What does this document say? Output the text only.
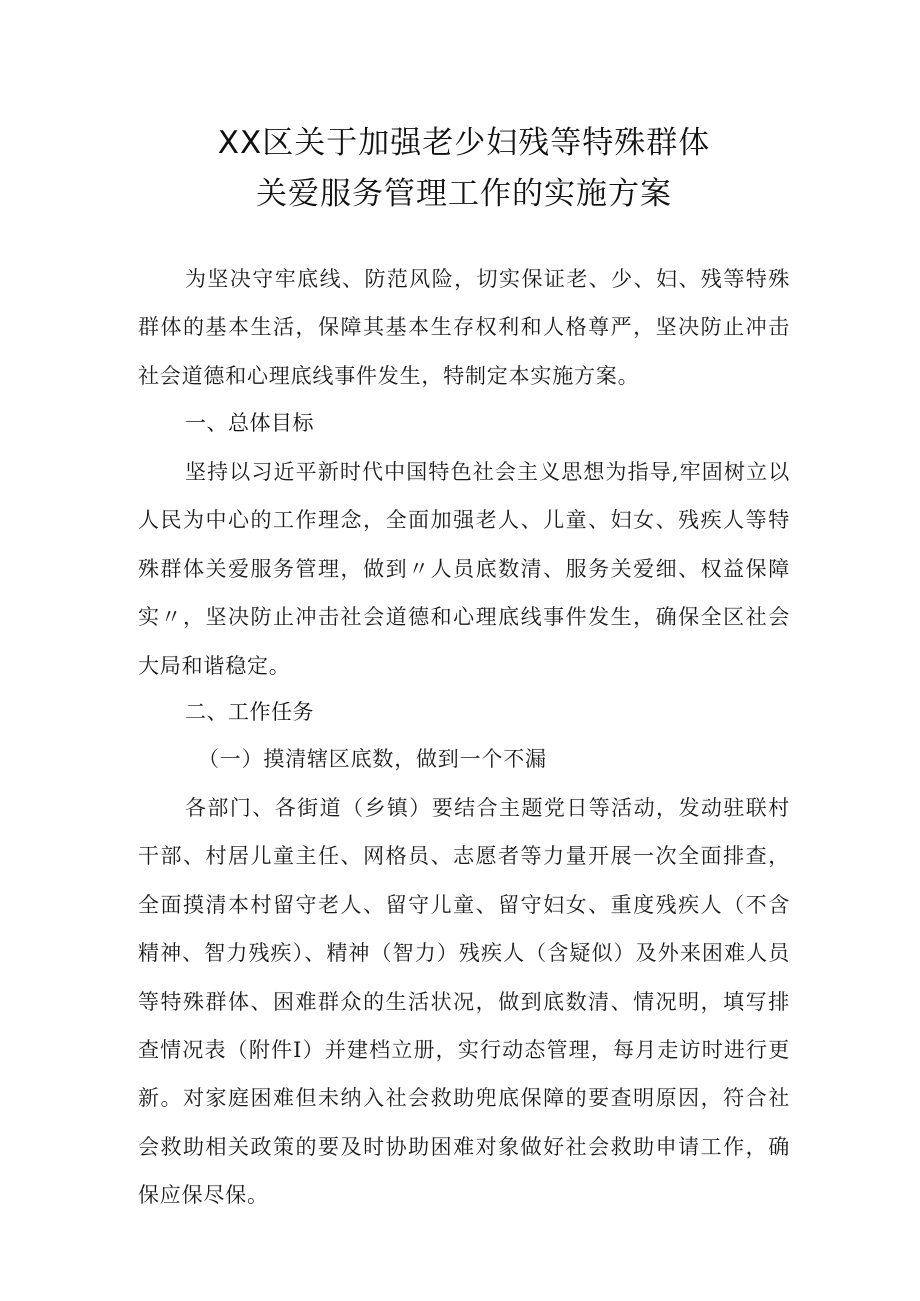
XX区关于加强老少妇残等特殊群体
关爱服务管理工作的实施方案

为坚决守牢底线、防范风险，切实保证老、少、妇、残等特殊群体的基本生活，保障其基本生存权利和人格尊严，坚决防止冲击社会道德和心理底线事件发生，特制定本实施方案。

一、总体目标

坚持以习近平新时代中国特色社会主义思想为指导,牢固树立以人民为中心的工作理念，全面加强老人、儿童、妇女、残疾人等特殊群体关爱服务管理，做到〃人员底数清、服务关爱细、权益保障实〃，坚决防止冲击社会道德和心理底线事件发生，确保全区社会大局和谐稳定。

二、工作任务
（一）摸清辖区底数，做到一个不漏

各部门、各街道（乡镇）要结合主题党日等活动，发动驻联村干部、村居儿童主任、网格员、志愿者等力量开展一次全面排查，全面摸清本村留守老人、留守儿童、留守妇女、重度残疾人（不含精神、智力残疾）、精神（智力）残疾人（含疑似）及外来困难人员等特殊群体、困难群众的生活状况，做到底数清、情况明，填写排查情况表（附件I）并建档立册，实行动态管理，每月走访时进行更新。对家庭困难但未纳入社会救助兜底保障的要查明原因，符合社会救助相关政策的要及时协助困难对象做好社会救助申请工作，确保应保尽保。
